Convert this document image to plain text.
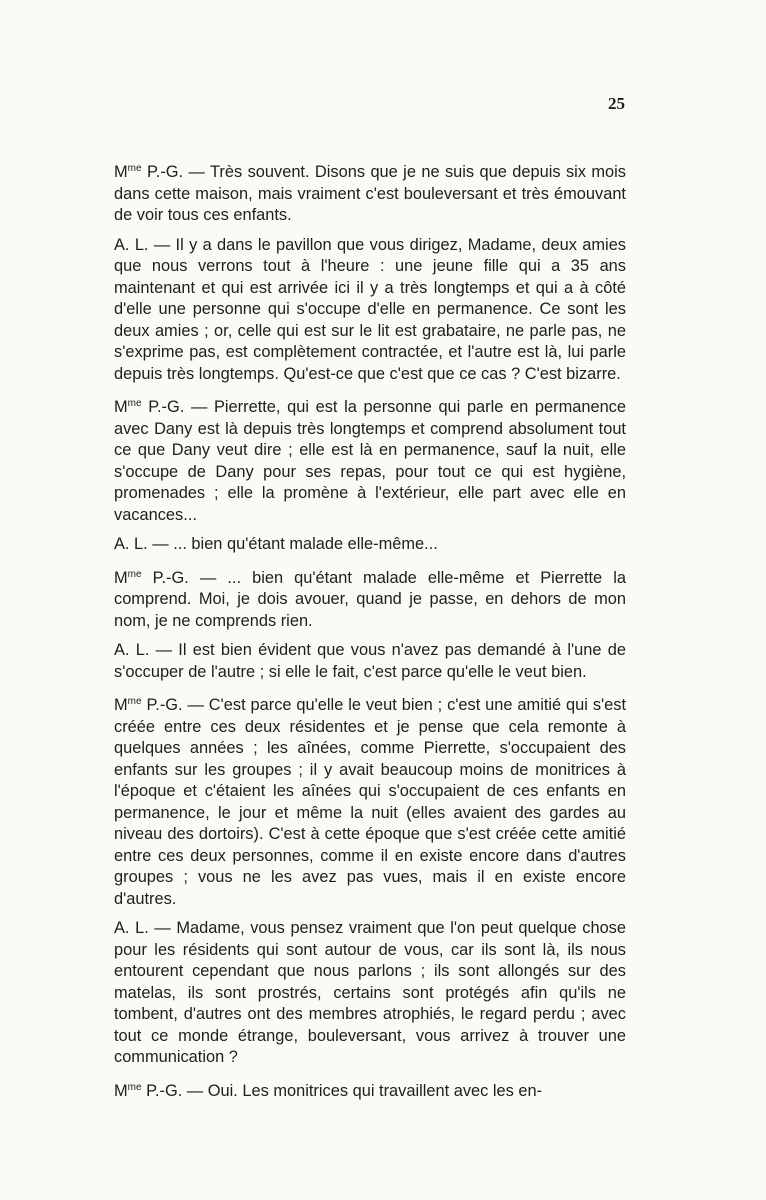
25

$M^{me}$ P.-G. — Très souvent. Disons que je ne suis que depuis six mois dans cette maison, mais vraiment c'est bouleversant et très émouvant de voir tous ces enfants.

A. L. — Il y a dans le pavillon que vous dirigez, Madame, deux amies que nous verrons tout à l'heure : une jeune fille qui a 35 ans maintenant et qui est arrivée ici il y a très longtemps et qui a à côté d'elle une personne qui s'occupe d'elle en permanence. Ce sont les deux amies ; or, celle qui est sur le lit est grabataire, ne parle pas, ne s'exprime pas, est complètement contractée, et l'autre est là, lui parle depuis très longtemps. Qu'est-ce que c'est que ce cas ? C'est bizarre.

$M^{me}$ P.-G. — Pierrette, qui est la personne qui parle en permanence avec Dany est là depuis très longtemps et comprend absolument tout ce que Dany veut dire ; elle est là en permanence, sauf la nuit, elle s'occupe de Dany pour ses repas, pour tout ce qui est hygiène, promenades ; elle la promène à l'extérieur, elle part avec elle en vacances...

A. L. — ... bien qu'étant malade elle-même...

$M^{me}$ P.-G. — ... bien qu'étant malade elle-même et Pierrette la comprend. Moi, je dois avouer, quand je passe, en dehors de mon nom, je ne comprends rien.

A. L. — Il est bien évident que vous n'avez pas demandé à l'une de s'occuper de l'autre ; si elle le fait, c'est parce qu'elle le veut bien.

$M^{me}$ P.-G. — C'est parce qu'elle le veut bien ; c'est une amitié qui s'est créée entre ces deux résidentes et je pense que cela remonte à quelques années ; les aînées, comme Pierrette, s'occupaient des enfants sur les groupes ; il y avait beaucoup moins de monitrices à l'époque et c'étaient les aînées qui s'occupaient de ces enfants en permanence, le jour et même la nuit (elles avaient des gardes au niveau des dortoirs). C'est à cette époque que s'est créée cette amitié entre ces deux personnes, comme il en existe encore dans d'autres groupes ; vous ne les avez pas vues, mais il en existe encore d'autres.

A. L. — Madame, vous pensez vraiment que l'on peut quelque chose pour les résidents qui sont autour de vous, car ils sont là, ils nous entourent cependant que nous parlons ; ils sont allongés sur des matelas, ils sont prostrés, certains sont protégés afin qu'ils ne tombent, d'autres ont des membres atrophiés, le regard perdu ; avec tout ce monde étrange, bouleversant, vous arrivez à trouver une communication ?

$M^{me}$ P.-G. — Oui. Les monitrices qui travaillent avec les en-
